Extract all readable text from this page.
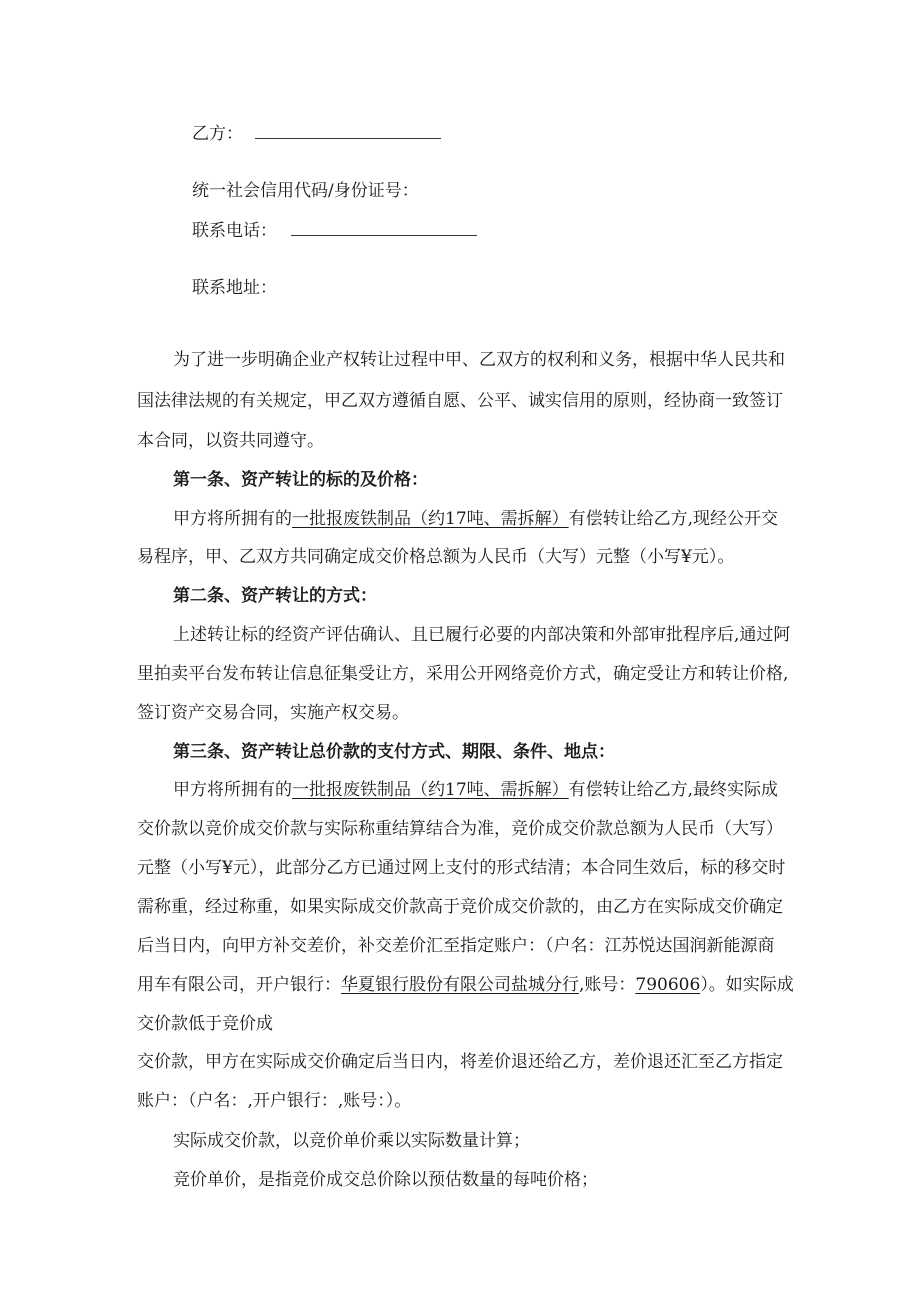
乙方：
统一社会信用代码/身份证号：
联系电话：
联系地址：
为了进一步明确企业产权转让过程中甲、乙双方的权利和义务，根据中华人民共和
国法律法规的有关规定，甲乙双方遵循自愿、公平、诚实信用的原则，经协商一致签订
本合同，以资共同遵守。
第一条、资产转让的标的及价格：
甲方将所拥有的一批报废铁制品（约17吨、需拆解）有偿转让给乙方,现经公开交
易程序，甲、乙双方共同确定成交价格总额为人民币（大写）元整（小写¥元）。
第二条、资产转让的方式：
上述转让标的经资产评估确认、且已履行必要的内部决策和外部审批程序后,通过阿
里拍卖平台发布转让信息征集受让方，采用公开网络竞价方式，确定受让方和转让价格,
签订资产交易合同，实施产权交易。
第三条、资产转让总价款的支付方式、期限、条件、地点：
甲方将所拥有的一批报废铁制品（约17吨、需拆解）有偿转让给乙方,最终实际成
交价款以竞价成交价款与实际称重结算结合为准，竞价成交价款总额为人民币（大写）
元整（小写¥元），此部分乙方已通过网上支付的形式结清；本合同生效后，标的移交时
需称重，经过称重，如果实际成交价款高于竞价成交价款的，由乙方在实际成交价确定
后当日内，向甲方补交差价，补交差价汇至指定账户：（户名：江苏悦达国润新能源商
用车有限公司，开户银行：华夏银行股份有限公司盐城分行,账号：790606）。如实际成
交价款低于竞价成
交价款，甲方在实际成交价确定后当日内，将差价退还给乙方，差价退还汇至乙方指定
账户：（户名：,开户银行：,账号：）。
实际成交价款，以竞价单价乘以实际数量计算；
竞价单价，是指竞价成交总价除以预估数量的每吨价格；
